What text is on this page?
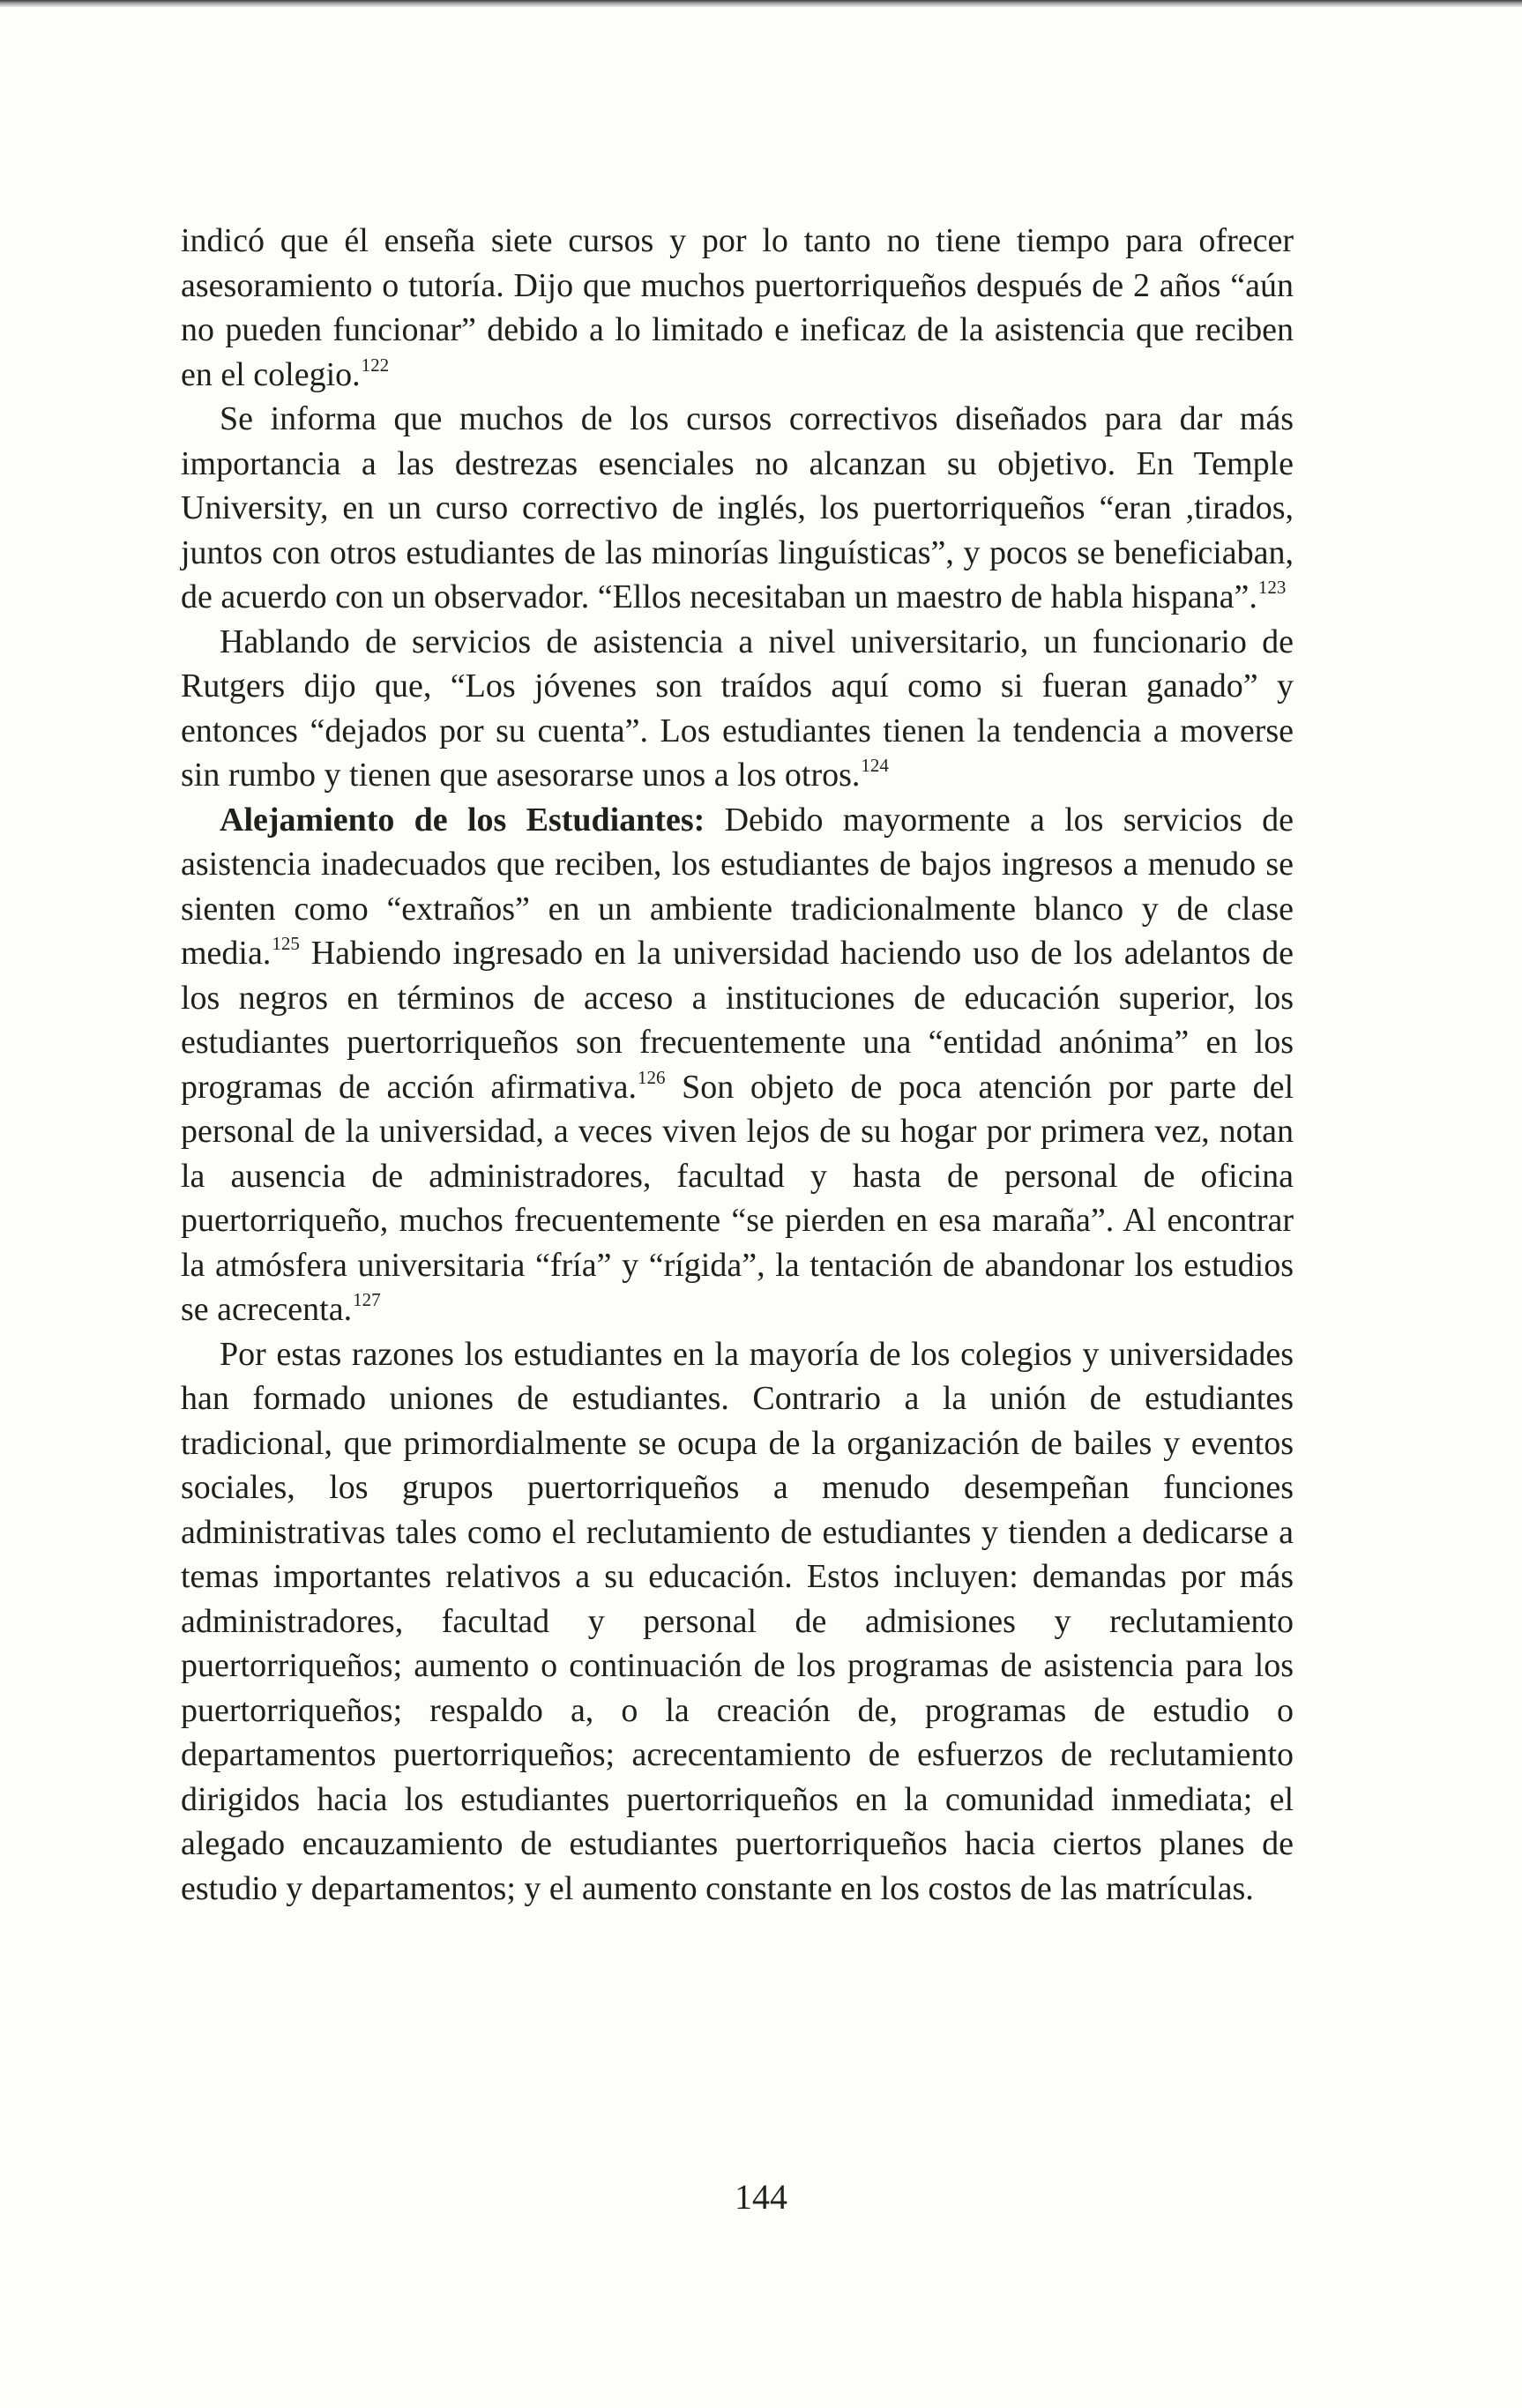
indicó que él enseña siete cursos y por lo tanto no tiene tiempo para ofrecer asesoramiento o tutoría. Dijo que muchos puertorriqueños después de 2 años “aún no pueden funcionar” debido a lo limitado e ineficaz de la asistencia que reciben en el colegio.$^{122}$

Se informa que muchos de los cursos correctivos diseñados para dar más importancia a las destrezas esenciales no alcanzan su objetivo. En Temple University, en un curso correctivo de inglés, los puertorriqueños “eran ,tirados, juntos con otros estudiantes de las minorías linguísticas”, y pocos se beneficiaban, de acuerdo con un observador. “Ellos necesitaban un maestro de habla hispana”.$^{123}$

Hablando de servicios de asistencia a nivel universitario, un funcionario de Rutgers dijo que, “Los jóvenes son traídos aquí como si fueran ganado” y entonces “dejados por su cuenta”. Los estudiantes tienen la tendencia a moverse sin rumbo y tienen que asesorarse unos a los otros.$^{124}$

Alejamiento de los Estudiantes: Debido mayormente a los servicios de asistencia inadecuados que reciben, los estudiantes de bajos ingresos a menudo se sienten como “extraños” en un ambiente tradicionalmente blanco y de clase media.$^{125}$ Habiendo ingresado en la universidad haciendo uso de los adelantos de los negros en términos de acceso a instituciones de educación superior, los estudiantes puertorriqueños son frecuentemente una “entidad anónima” en los programas de acción afirmativa.$^{126}$ Son objeto de poca atención por parte del personal de la universidad, a veces viven lejos de su hogar por primera vez, notan la ausencia de administradores, facultad y hasta de personal de oficina puertorriqueño, muchos frecuentemente “se pierden en esa maraña”. Al encontrar la atmósfera universitaria “fría” y “rígida”, la tentación de abandonar los estudios se acrecenta.$^{127}$

Por estas razones los estudiantes en la mayoría de los colegios y universidades han formado uniones de estudiantes. Contrario a la unión de estudiantes tradicional, que primordialmente se ocupa de la organización de bailes y eventos sociales, los grupos puertorriqueños a menudo desempeñan funciones administrativas tales como el reclutamiento de estudiantes y tienden a dedicarse a temas importantes relativos a su educación. Estos incluyen: demandas por más administradores, facultad y personal de admisiones y reclutamiento puertorriqueños; aumento o continuación de los programas de asistencia para los puertorriqueños; respaldo a, o la creación de, programas de estudio o departamentos puertorriqueños; acrecentamiento de esfuerzos de reclutamiento dirigidos hacia los estudiantes puertorriqueños en la comunidad inmediata; el alegado encauzamiento de estudiantes puertorriqueños hacia ciertos planes de estudio y departamentos; y el aumento constante en los costos de las matrículas.

144
